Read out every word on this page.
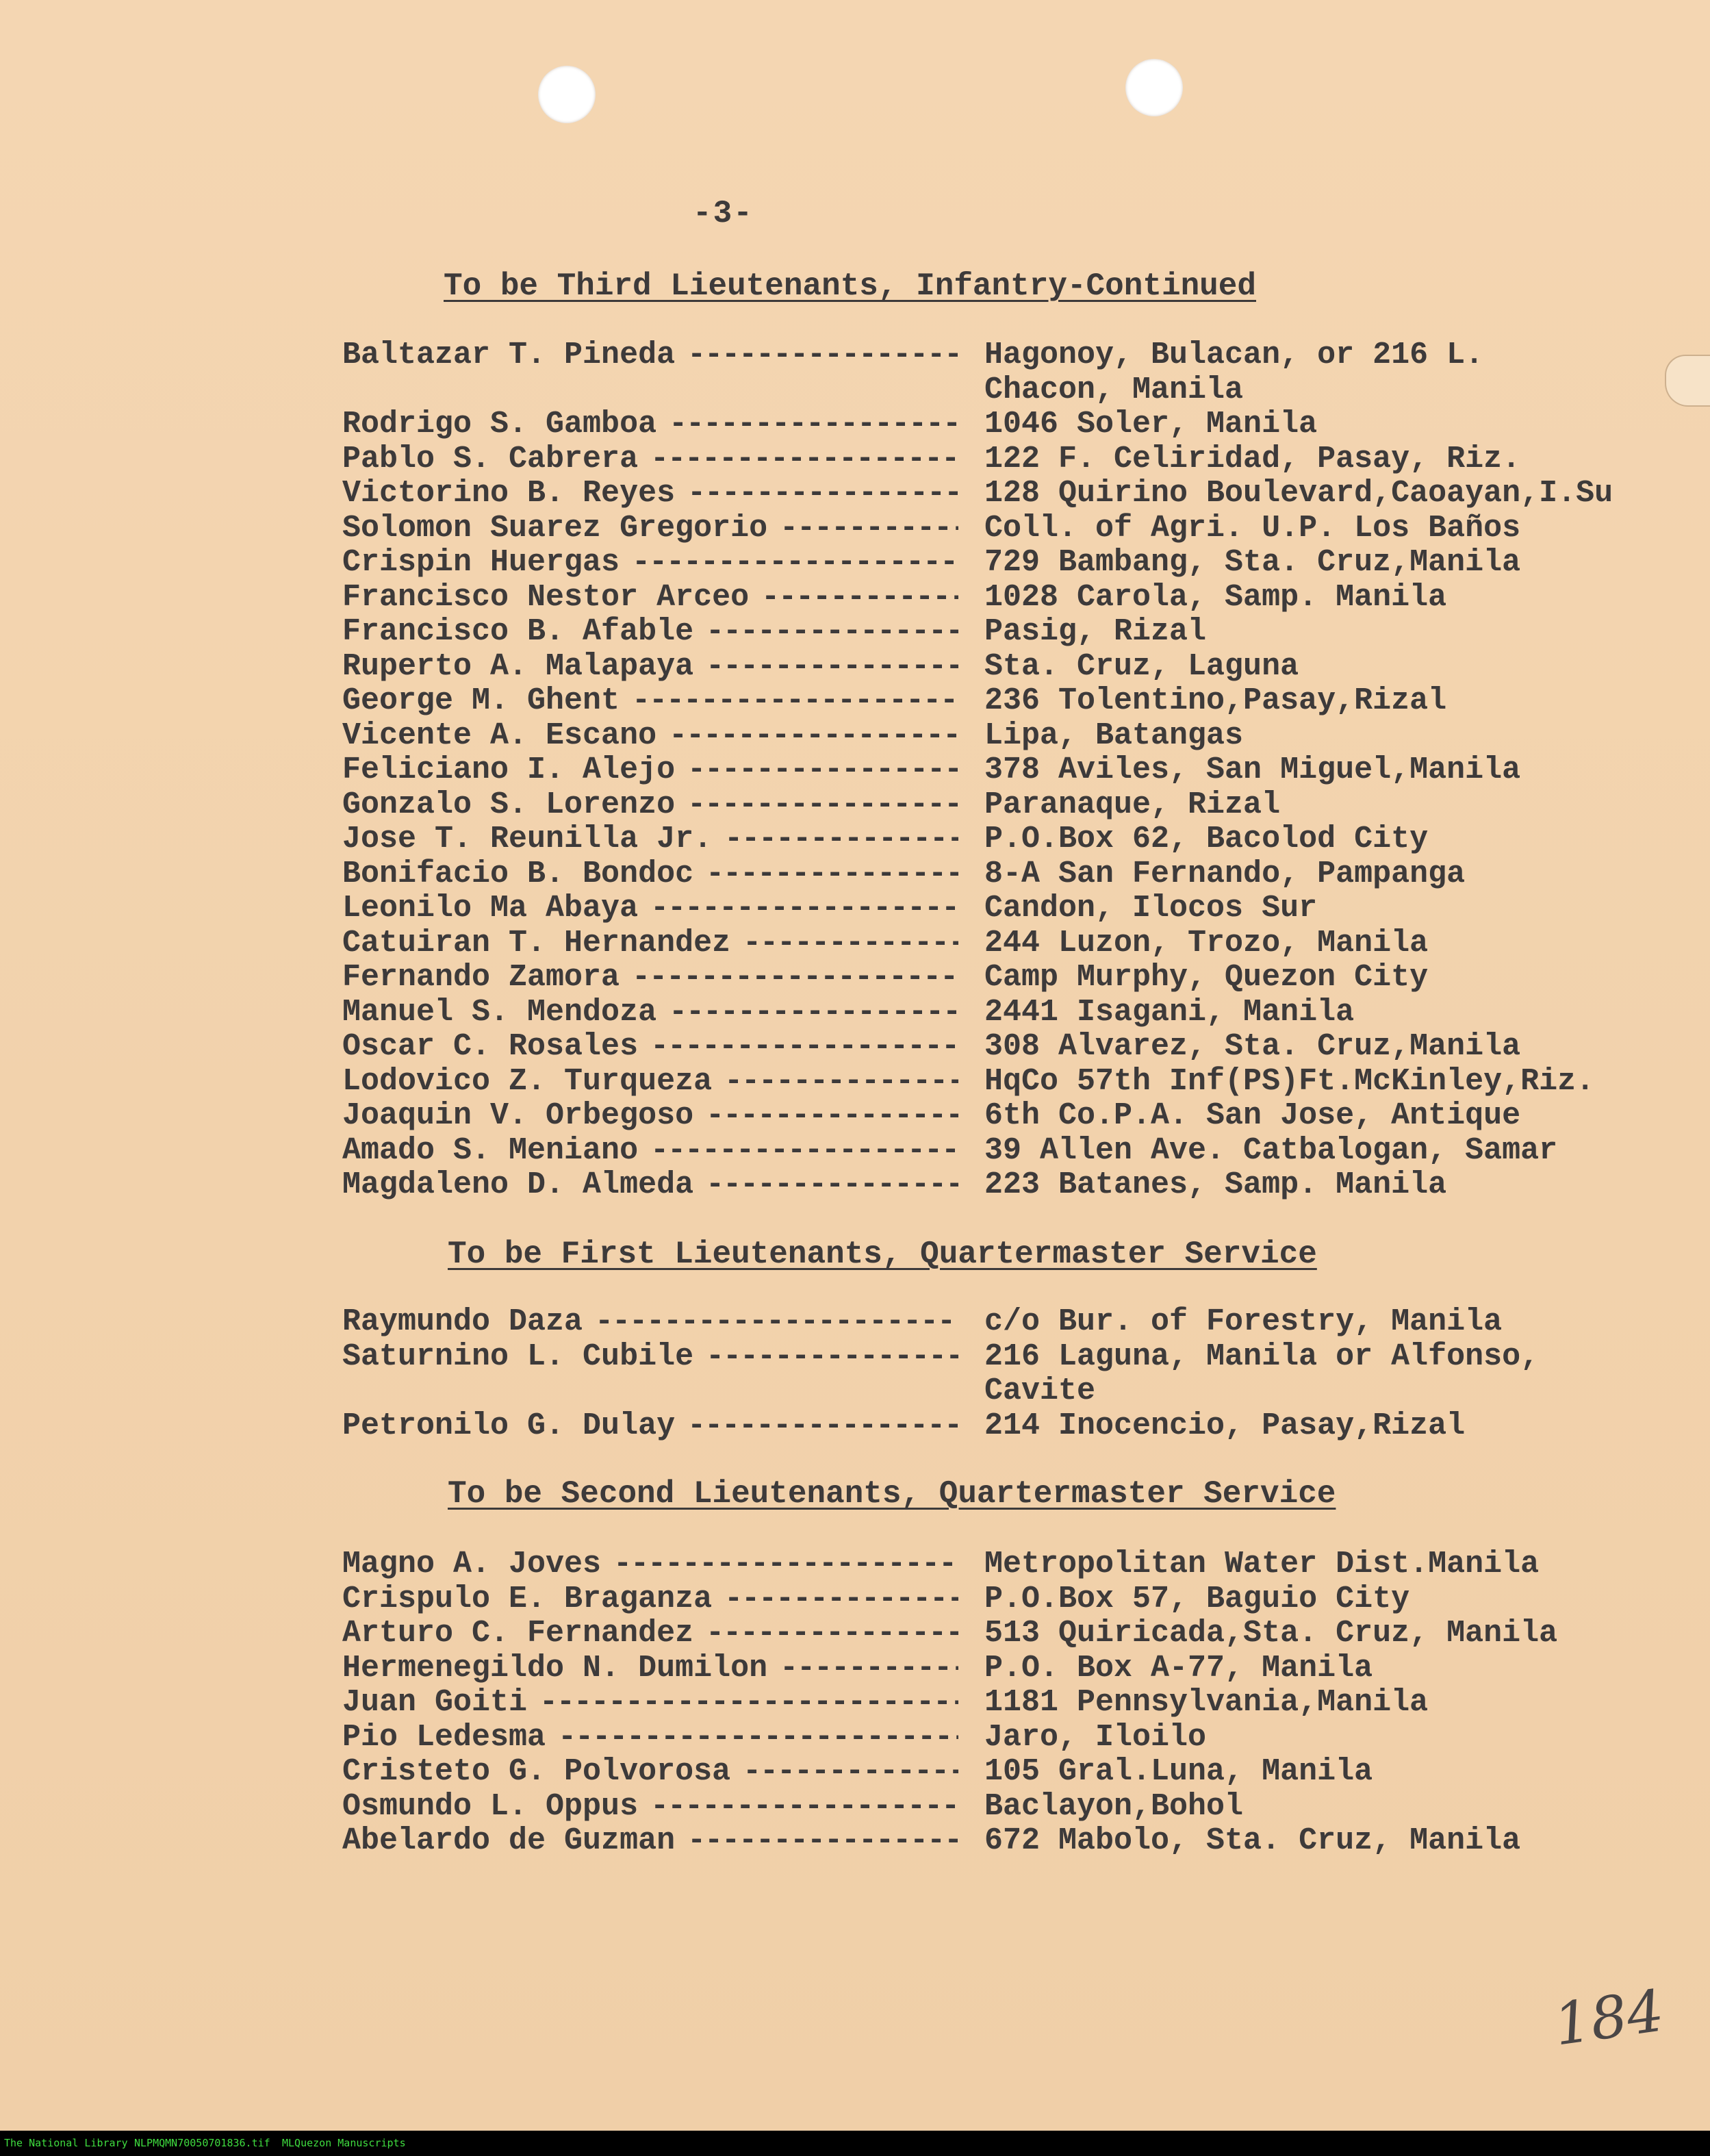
-3-
To be Third Lieutenants, Infantry-Continued
Baltazar T. Pineda -----	Hagonoy, Bulacan, or 216 L.
Chacon, Manila
Rodrigo S. Gamboa -----	1046 Soler, Manila
Pablo S. Cabrera -----	122 F. Celiridad, Pasay, Riz.
Victorino B. Reyes -----	128 Quirino Boulevard,Caoayan,I.Su
Solomon Suarez Gregorio -----	Coll. of Agri. U.P. Los Baños
Crispin Huergas -----	729 Bambang, Sta. Cruz,Manila
Francisco Nestor Arceo -----	1028 Carola, Samp. Manila
Francisco B. Afable -----	Pasig, Rizal
Ruperto A. Malapaya -----	Sta. Cruz, Laguna
George M. Ghent -----	236 Tolentino,Pasay,Rizal
Vicente A. Escano -----	Lipa, Batangas
Feliciano I. Alejo -----	378 Aviles, San Miguel,Manila
Gonzalo S. Lorenzo -----	Paranaque, Rizal
Jose T. Reunilla Jr. -----	P.O.Box 62, Bacolod City
Bonifacio B. Bondoc -----	8-A San Fernando, Pampanga
Leonilo Ma Abaya -----	Candon, Ilocos Sur
Catuiran T. Hernandez -----	244 Luzon, Trozo, Manila
Fernando Zamora -----	Camp Murphy, Quezon City
Manuel S. Mendoza -----	2441 Isagani, Manila
Oscar C. Rosales -----	308 Alvarez, Sta. Cruz,Manila
Lodovico Z. Turqueza -----	HqCo 57th Inf(PS)Ft.McKinley,Riz.
Joaquin V. Orbegoso -----	6th Co.P.A. San Jose, Antique
Amado S. Meniano -----	39 Allen Ave. Catbalogan, Samar
Magdaleno D. Almeda -----	223 Batanes, Samp. Manila
To be First Lieutenants, Quartermaster Service
Raymundo Daza -----	c/o Bur. of Forestry, Manila
Saturnino L. Cubile -----	216 Laguna, Manila or Alfonso,
Cavite
Petronilo G. Dulay -----	214 Inocencio, Pasay,Rizal
To be Second Lieutenants, Quartermaster Service
Magno A. Joves -----	Metropolitan Water Dist.Manila
Crispulo E. Braganza -----	P.O.Box 57, Baguio City
Arturo C. Fernandez -----	513 Quiricada,Sta. Cruz, Manila
Hermenegildo N. Dumilon -----	P.O. Box A-77, Manila
Juan Goiti -----	1181 Pennsylvania,Manila
Pio Ledesma -----	Jaro, Iloilo
Cristeto G. Polvorosa -----	105 Gral.Luna, Manila
Osmundo L. Oppus -----	Baclayon,Bohol
Abelardo de Guzman -----	672 Mabolo, Sta. Cruz, Manila
184
The National Library NLPMQMN70050701836.tif MLQuezon Manuscripts
